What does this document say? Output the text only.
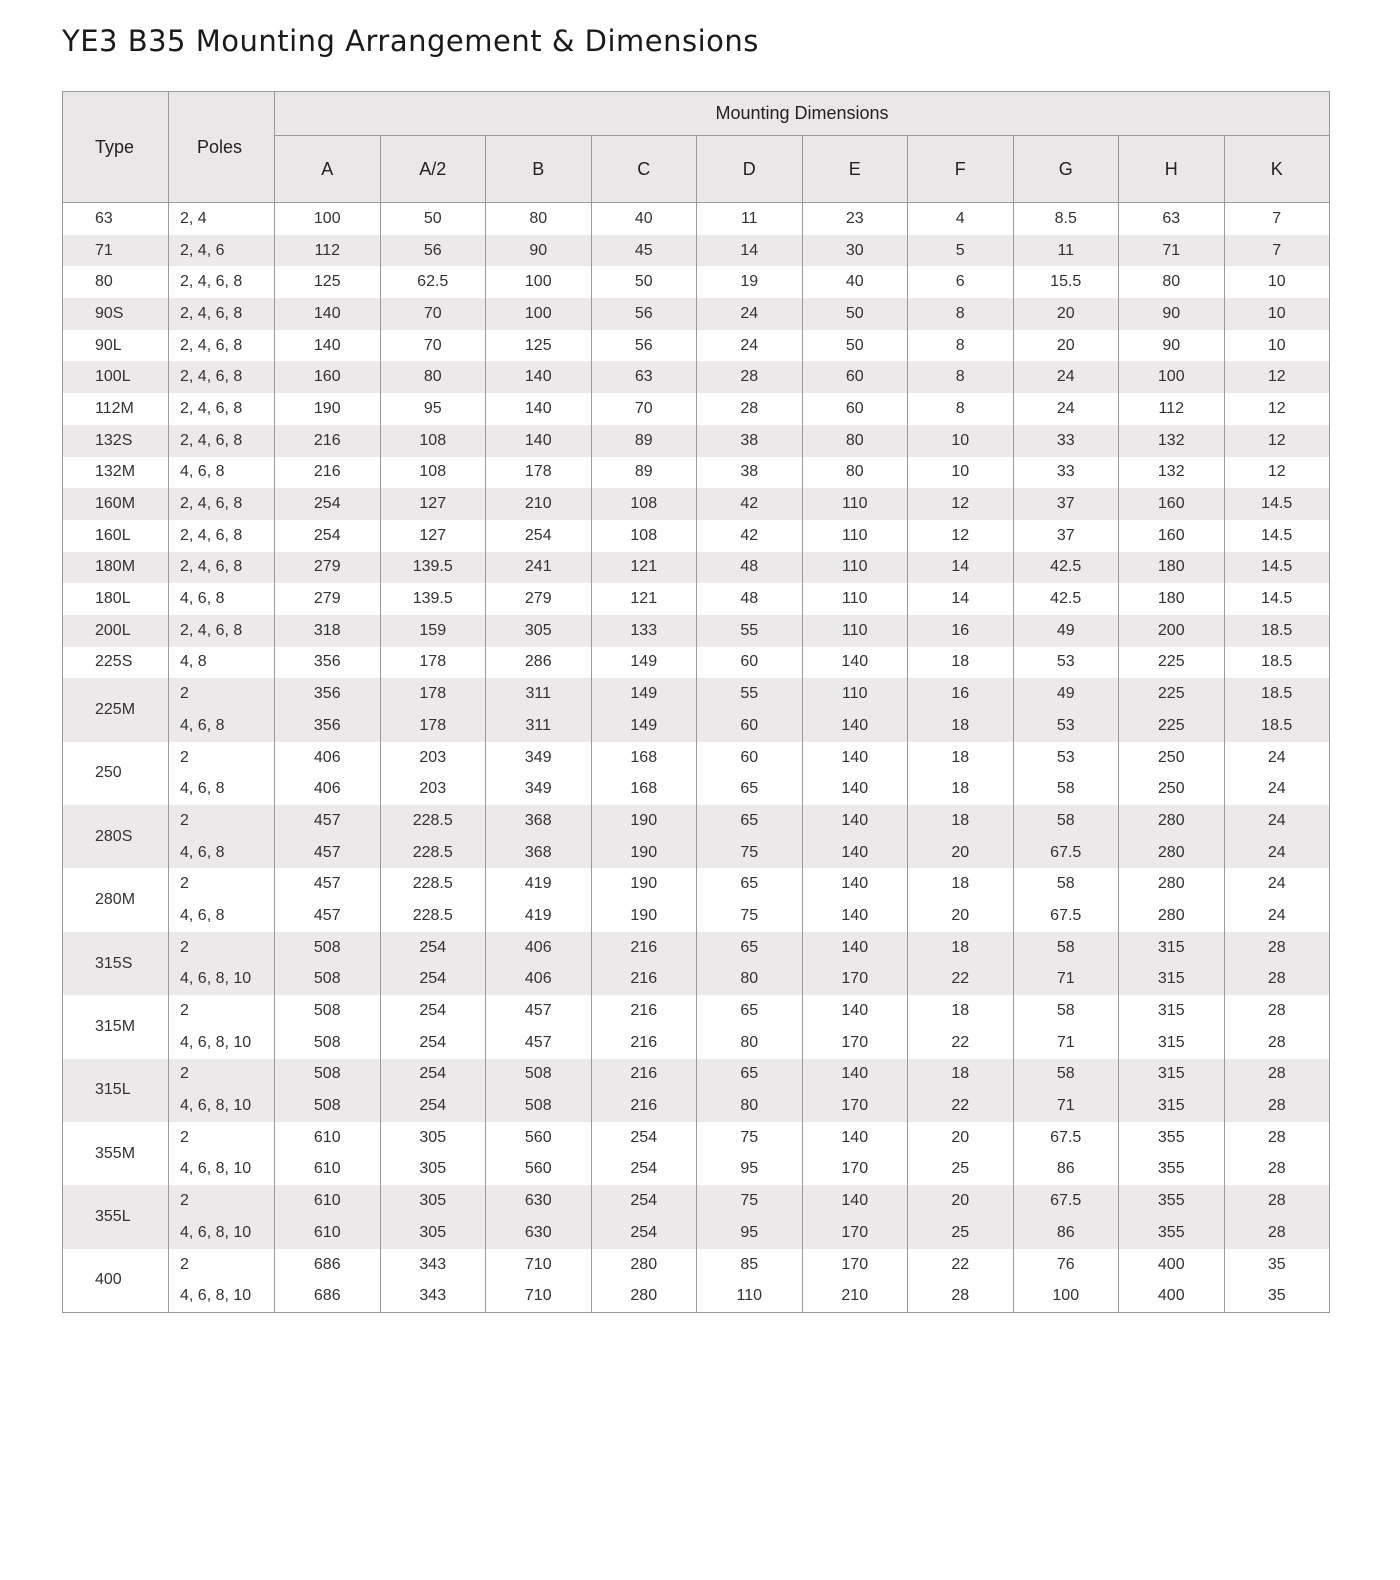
YE3 B35 Mounting Arrangement & Dimensions
Type	Poles	Mounting Dimensions									
		A	A/2	B	C	D	E	F	G	H	K
63	2, 4	100	50	80	40	11	23	4	8.5	63	7
71	2, 4, 6	112	56	90	45	14	30	5	11	71	7
80	2, 4, 6, 8	125	62.5	100	50	19	40	6	15.5	80	10
90S	2, 4, 6, 8	140	70	100	56	24	50	8	20	90	10
90L	2, 4, 6, 8	140	70	125	56	24	50	8	20	90	10
100L	2, 4, 6, 8	160	80	140	63	28	60	8	24	100	12
112M	2, 4, 6, 8	190	95	140	70	28	60	8	24	112	12
132S	2, 4, 6, 8	216	108	140	89	38	80	10	33	132	12
132M	4, 6, 8	216	108	178	89	38	80	10	33	132	12
160M	2, 4, 6, 8	254	127	210	108	42	110	12	37	160	14.5
160L	2, 4, 6, 8	254	127	254	108	42	110	12	37	160	14.5
180M	2, 4, 6, 8	279	139.5	241	121	48	110	14	42.5	180	14.5
180L	4, 6, 8	279	139.5	279	121	48	110	14	42.5	180	14.5
200L	2, 4, 6, 8	318	159	305	133	55	110	16	49	200	18.5
225S	4, 8	356	178	286	149	60	140	18	53	225	18.5
225M	2	356	178	311	149	55	110	16	49	225	18.5
	4, 6, 8	356	178	311	149	60	140	18	53	225	18.5
250	2	406	203	349	168	60	140	18	53	250	24
	4, 6, 8	406	203	349	168	65	140	18	58	250	24
280S	2	457	228.5	368	190	65	140	18	58	280	24
	4, 6, 8	457	228.5	368	190	75	140	20	67.5	280	24
280M	2	457	228.5	419	190	65	140	18	58	280	24
	4, 6, 8	457	228.5	419	190	75	140	20	67.5	280	24
315S	2	508	254	406	216	65	140	18	58	315	28
	4, 6, 8, 10	508	254	406	216	80	170	22	71	315	28
315M	2	508	254	457	216	65	140	18	58	315	28
	4, 6, 8, 10	508	254	457	216	80	170	22	71	315	28
315L	2	508	254	508	216	65	140	18	58	315	28
	4, 6, 8, 10	508	254	508	216	80	170	22	71	315	28
355M	2	610	305	560	254	75	140	20	67.5	355	28
	4, 6, 8, 10	610	305	560	254	95	170	25	86	355	28
355L	2	610	305	630	254	75	140	20	67.5	355	28
	4, 6, 8, 10	610	305	630	254	95	170	25	86	355	28
400	2	686	343	710	280	85	170	22	76	400	35
	4, 6, 8, 10	686	343	710	280	110	210	28	100	400	35
